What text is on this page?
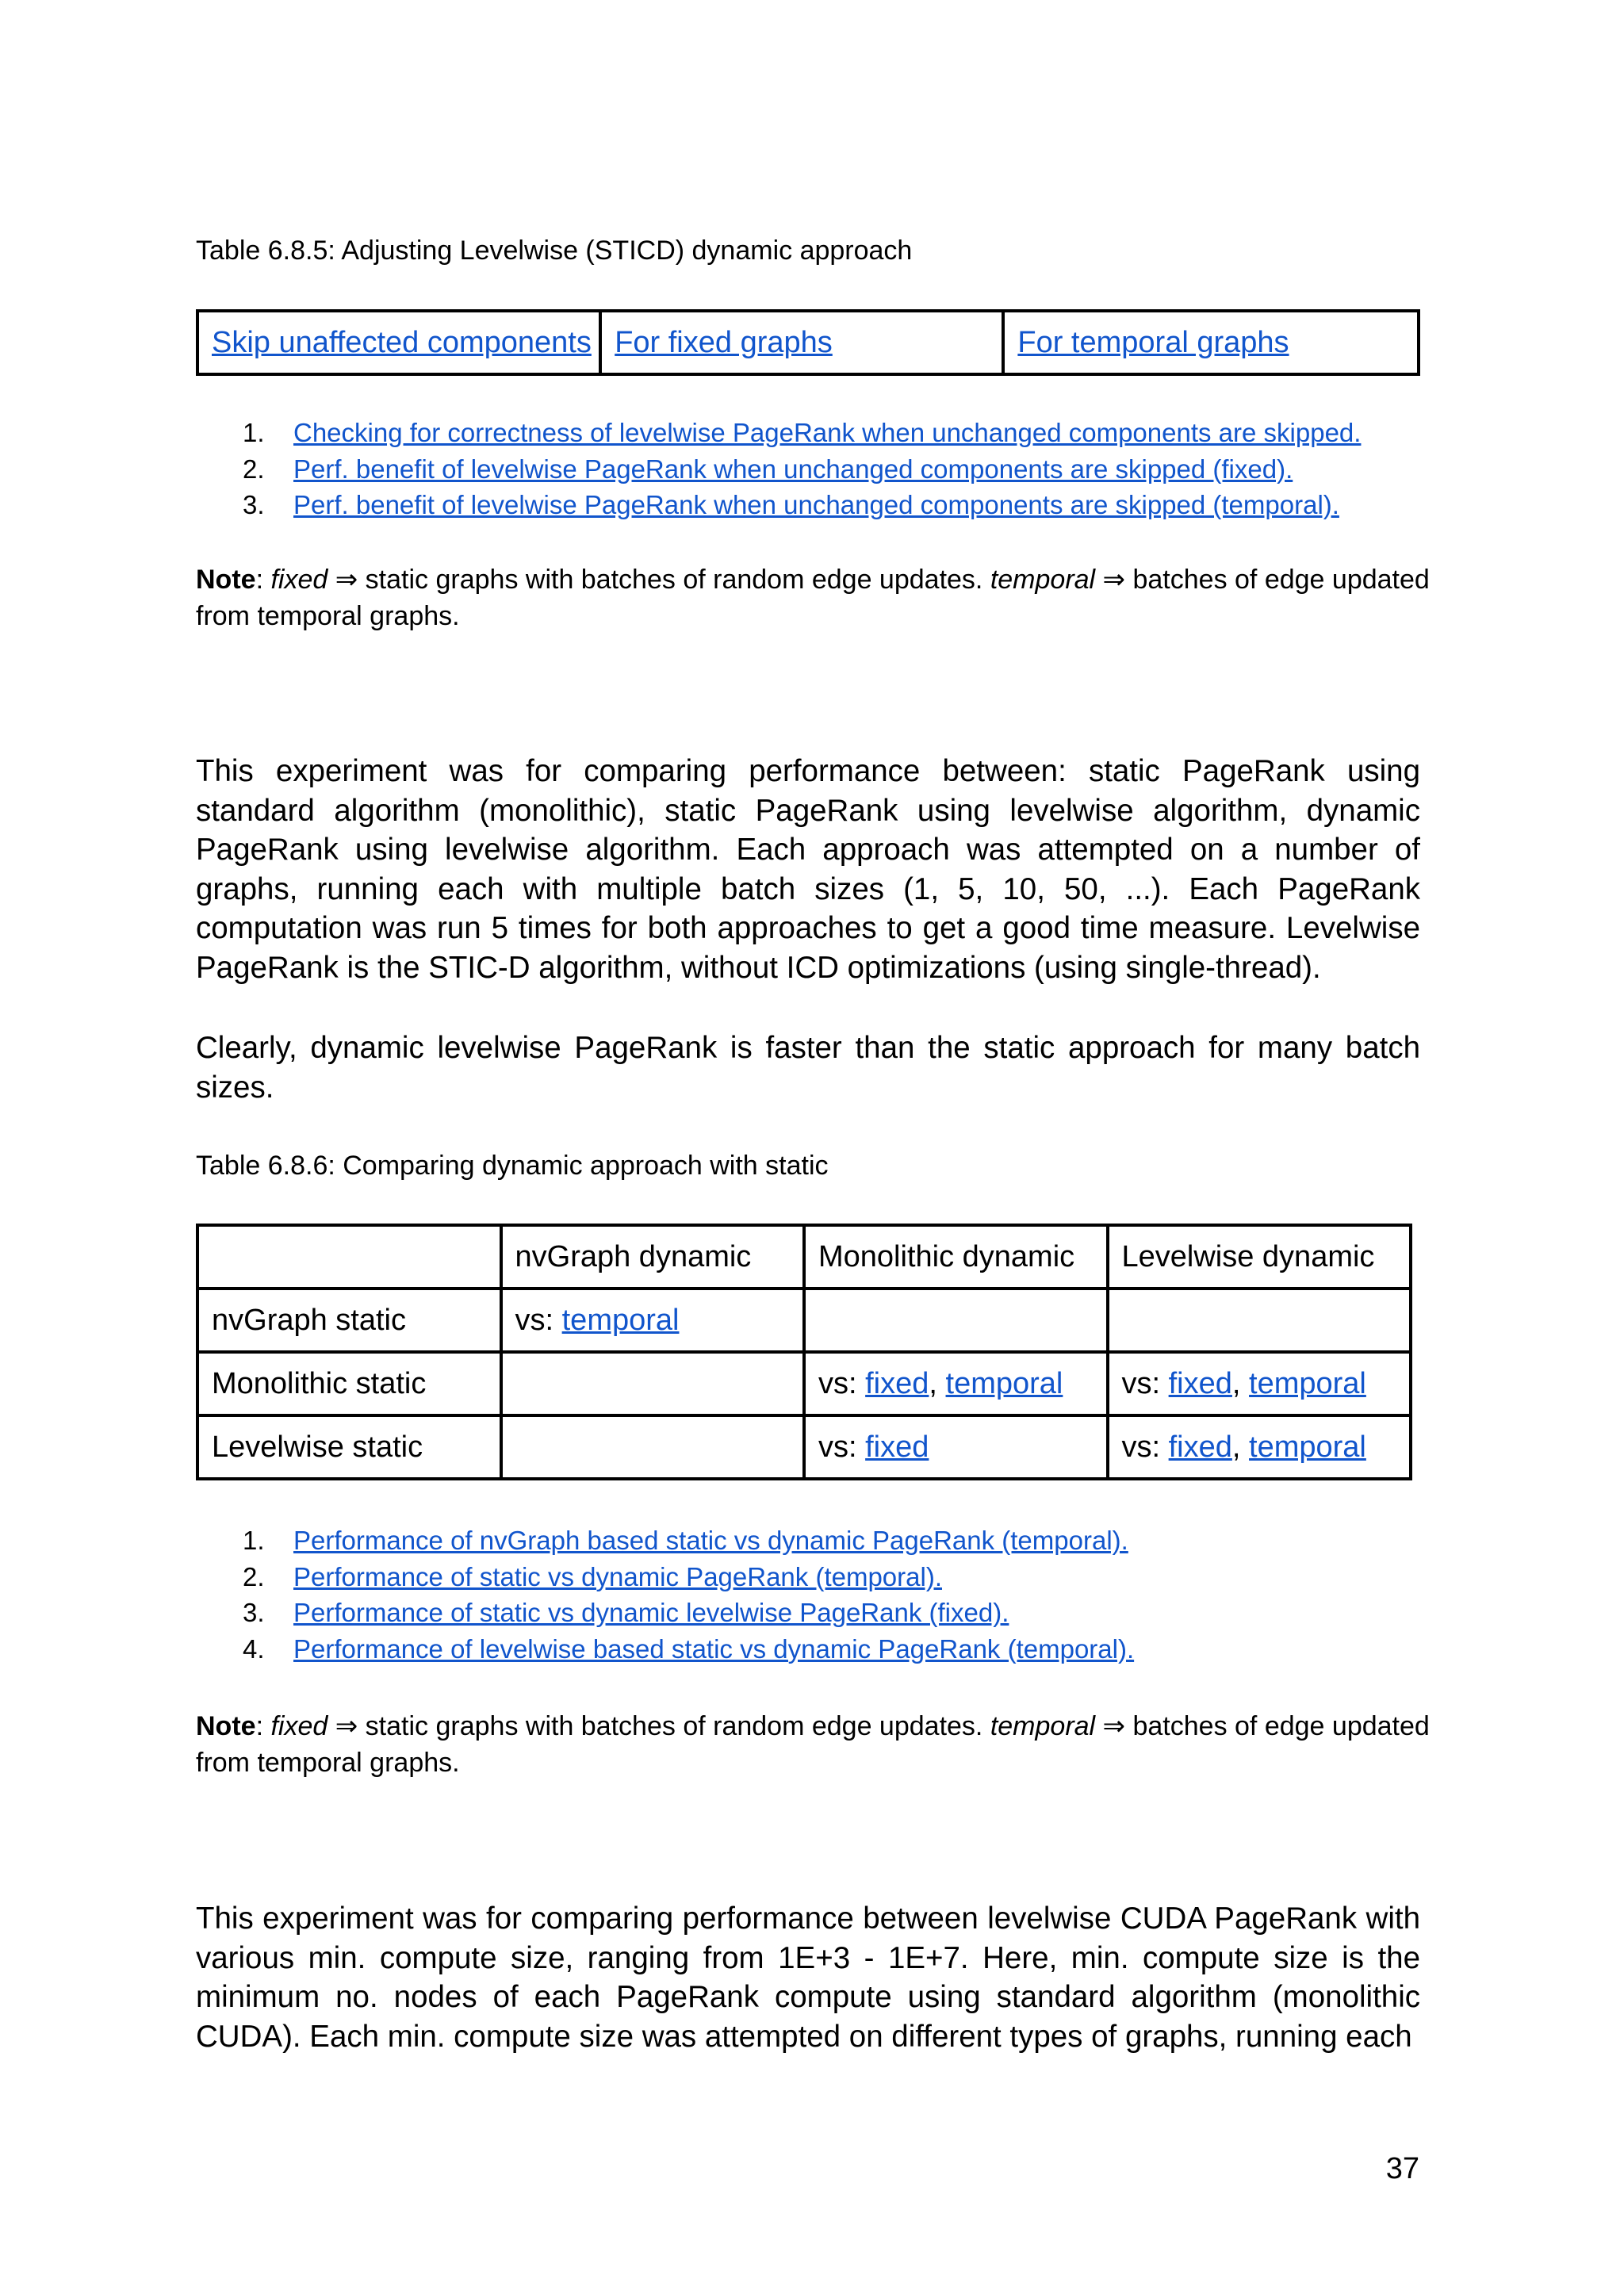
Table 6.8.5: Adjusting Levelwise (STICD) dynamic approach
Skip unaffected components	For fixed graphs	For temporal graphs
1. Checking for correctness of levelwise PageRank when unchanged components are skipped.
2. Perf. benefit of levelwise PageRank when unchanged components are skipped (fixed).
3. Perf. benefit of levelwise PageRank when unchanged components are skipped (temporal).
Note: fixed ⇒ static graphs with batches of random edge updates. temporal ⇒ batches of edge updated from temporal graphs.
This experiment was for comparing performance between: static PageRank using standard algorithm (monolithic), static PageRank using levelwise algorithm, dynamic PageRank using levelwise algorithm. Each approach was attempted on a number of graphs, running each with multiple batch sizes (1, 5, 10, 50, ...). Each PageRank computation was run 5 times for both approaches to get a good time measure. Levelwise PageRank is the STIC-D algorithm, without ICD optimizations (using single-thread).
Clearly, dynamic levelwise PageRank is faster than the static approach for many batch sizes.
Table 6.8.6: Comparing dynamic approach with static
	nvGraph dynamic	Monolithic dynamic	Levelwise dynamic
nvGraph static	vs: temporal		
Monolithic static		vs: fixed, temporal	vs: fixed, temporal
Levelwise static		vs: fixed	vs: fixed, temporal
1. Performance of nvGraph based static vs dynamic PageRank (temporal).
2. Performance of static vs dynamic PageRank (temporal).
3. Performance of static vs dynamic levelwise PageRank (fixed).
4. Performance of levelwise based static vs dynamic PageRank (temporal).
Note: fixed ⇒ static graphs with batches of random edge updates. temporal ⇒ batches of edge updated from temporal graphs.
This experiment was for comparing performance between levelwise CUDA PageRank with various min. compute size, ranging from 1E+3 - 1E+7. Here, min. compute size is the minimum no. nodes of each PageRank compute using standard algorithm (monolithic CUDA). Each min. compute size was attempted on different types of graphs, running each
37
